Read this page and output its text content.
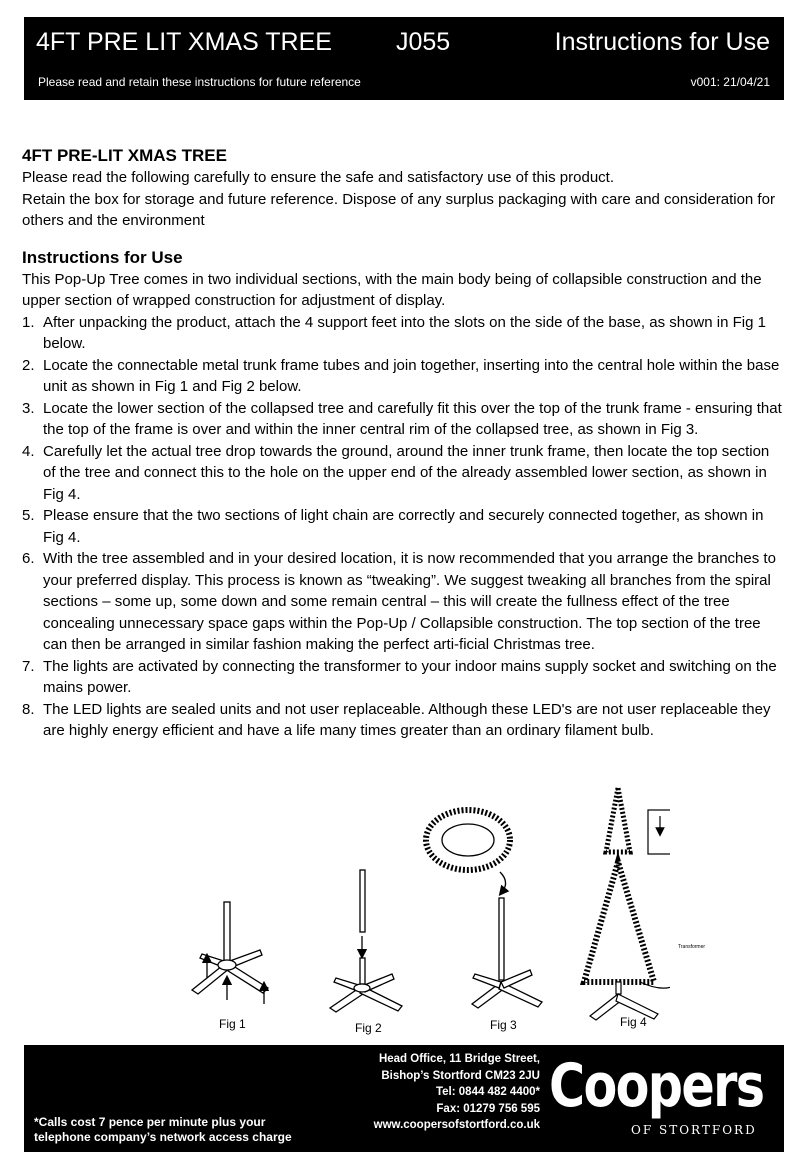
4FT PRE LIT XMAS TREE	J055	Instructions for Use
Please read and retain these instructions for future reference	v001: 21/04/21
4FT PRE-LIT XMAS TREE

Please read the following carefully to ensure the safe and satisfactory use of this product.

Retain the box for storage and future reference. Dispose of any surplus packaging with care and consideration for others and the environment

Instructions for Use

This Pop-Up Tree comes in two individual sections, with the main body being of collapsible construction and the upper section of wrapped construction for adjustment of display.

1. After unpacking the product, attach the 4 support feet into the slots on the side of the base, as shown in Fig 1 below.
2. Locate the connectable metal trunk frame tubes and join together, inserting into the central hole within the base unit as shown in Fig 1 and Fig 2 below.
3. Locate the lower section of the collapsed tree and carefully fit this over the top of the trunk frame - ensuring that the top of the frame is over and within the inner central rim of the collapsed tree, as shown in Fig 3.
4. Carefully let the actual tree drop towards the ground, around the inner trunk frame, then locate the top section of the tree and connect this to the hole on the upper end of the already assembled lower section, as shown in Fig 4.
5. Please ensure that the two sections of light chain are correctly and securely connected together, as shown in Fig 4.
6. With the tree assembled and in your desired location, it is now recommended that you arrange the branches to your preferred display. This process is known as “tweaking”. We suggest tweaking all branches from the spiral sections – some up, some down and some remain central – this will create the fullness effect of the tree concealing unnecessary space gaps within the Pop-Up / Collapsible construction. The top section of the tree can then be arranged in similar fashion making the perfect arti-ficial Christmas tree.
7. The lights are activated by connecting the transformer to your indoor mains supply socket and switching on the mains power.
8. The LED lights are sealed units and not user replaceable. Although these LED's are not user replaceable they are highly energy efficient and have a life many times greater than an ordinary filament bulb.
Fig 1	Fig 2	Fig 3	Fig 4
Transformer
Head Office, 11 Bridge Street,
Bishop’s Stortford CM23 2JU
Tel: 0844 482 4400*
Fax: 01279 756 595
www.coopersofstortford.co.uk
*Calls cost 7 pence per minute plus your
telephone company’s network access charge
Coopers
OF STORTFORD
